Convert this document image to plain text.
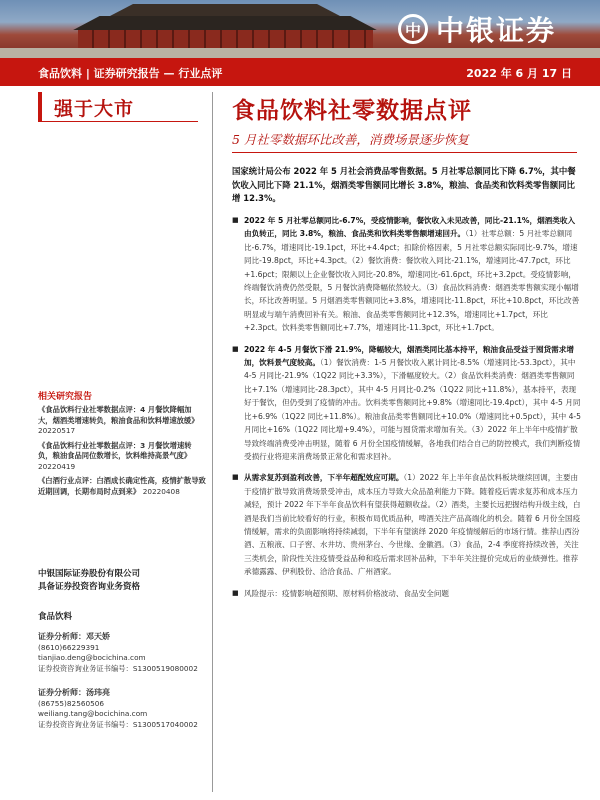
中 中银证券
食品饮料 | 证券研究报告 — 行业点评	2022 年 6 月 17 日
强于大市
相关研究报告
《食品饮料行业社零数据点评：4 月餐饮降幅加大，烟酒类增速转负，粮油食品和饮料增速放缓》 20220517
《食品饮料行业社零数据点评：3 月餐饮增速转负，粮油食品同位数增长，饮料维持高景气度》 20220419
《白酒行业点评：白酒成长确定性高，疫情扩散导致近期回调，长期布局时点到来》 20220408
中银国际证券股份有限公司
具备证券投资咨询业务资格
食品饮料
证券分析师：邓天娇
(8610)66229391
tianjiao.deng@bocichina.com
证券投资咨询业务证书编号：S1300519080002
证券分析师：汤玮亮
(86755)82560506
weiliang.tang@bocichina.com
证券投资咨询业务证书编号：S1300517040002
食品饮料社零数据点评
5 月社零数据环比改善，消费场景逐步恢复
国家统计局公布 2022 年 5 月社会消费品零售数据。5 月社零总额同比下降 6.7%，其中餐饮收入同比下降 21.1%，烟酒类零售额同比增长 3.8%，粮油、食品类和饮料类零售额同比增 12.3%。
■ 2022 年 5 月社零总额同比-6.7%，受疫情影响，餐饮收入未见改善，同比-21.1%，烟酒类收入由负转正，同比 3.8%，粮油、食品类和饮料类零售额增速回升。（1）社零总额：5 月社零总额同比-6.7%，增速同比-19.1pct，环比+4.4pct；扣除价格因素，5 月社零总额实际同比-9.7%，增速同比-19.8pct，环比+4.3pct。（2）餐饮消费：餐饮收入同比-21.1%，增速同比-47.7pct，环比+1.6pct；限额以上企业餐饮收入同比-20.8%，增速同比-61.6pct，环比+3.2pct。受疫情影响，终端餐饮消费仍然受限，5 月餐饮消费降幅依然较大。（3）食品饮料消费：烟酒类零售额实现小幅增长，环比改善明显。5 月烟酒类零售额同比+3.8%，增速同比-11.8pct，环比+10.8pct，环比改善明显或与端午消费回补有关。粮油、食品类零售额同比+12.3%，增速同比+1.7pct，环比+2.3pct。饮料类零售额同比+7.7%，增速同比-11.3pct，环比+1.7pct。
■ 2022 年 4-5 月餐饮下滑 21.9%，降幅较大，烟酒类同比基本持平，粮油食品受益于囤货需求增加，饮料景气度较高。（1）餐饮消费：1-5 月餐饮收入累计同比-8.5%（增速同比-53.3pct），其中 4-5 月同比-21.9%（1Q22 同比+3.3%），下滑幅度较大。（2）食品饮料类消费：烟酒类零售额同比+7.1%（增速同比-28.3pct），其中 4-5 月同比-0.2%（1Q22 同比+11.8%），基本持平，表现好于餐饮，但仍受到了疫情的冲击。饮料类零售额同比+9.8%（增速同比-19.4pct），其中 4-5 月同比+6.9%（1Q22 同比+11.8%）。粮油食品类零售额同比+10.0%（增速同比+0.5pct），其中 4-5 月同比+16%（1Q22 同比增+9.4%），可能与囤货需求增加有关。（3）2022 年上半年中疫情扩散导致终端消费受冲击明显，随着 6 月份全国疫情缓解，各地我们结合自己的防控模式，我们判断疫情受损行业将迎来消费场景正常化和需求回补。
■ 从需求复苏到盈利改善，下半年超配效应可期。（1）2022 年上半年食品饮料板块继续回调，主要由于疫情扩散导致消费场景受冲击，成本压力导致大众品盈利能力下降。随着疫后需求复苏和成本压力减轻，预计 2022 年下半年食品饮料有望获得超额收益。（2）酒类，主要长远把握结构升级主线，白酒是我们当前比较看好的行业，积极布局优质品种，啤酒关注产品高端化的机会。随着 6 月份全国疫情缓解，需求的负面影响将持续减弱，下半年有望演绎 2020 年疫情缓解后的市场行情。推荐山西汾酒、五粮液、口子窖、水井坊、贵州茅台、今世缘、金徽酒。（3）食品，2-4 季度将持续改善，关注三类机会，阶段性关注疫情受益品种和疫后需求回补品种，下半年关注提价完成后的业绩弹性。推荐承德露露、伊利股份、洽洽食品、广州酒家。
■ 风险提示：疫情影响超预期、原材料价格波动、食品安全问题
